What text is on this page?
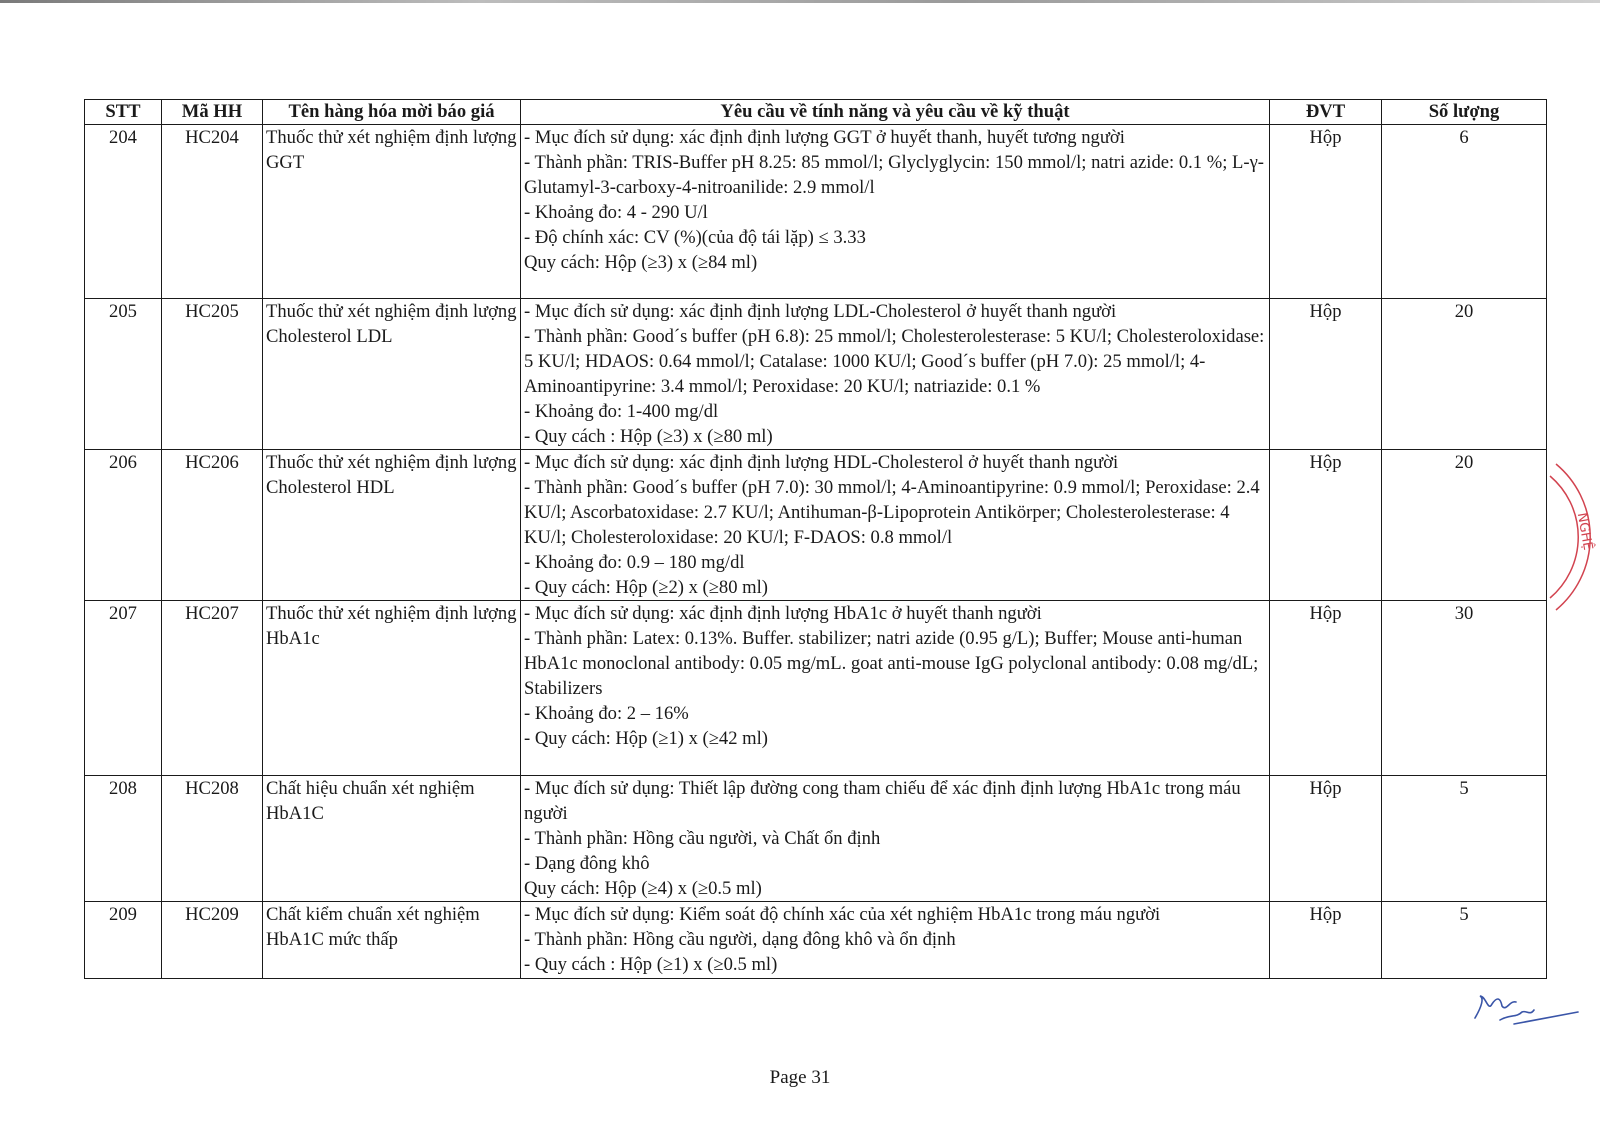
STT	Mã HH	Tên hàng hóa mời báo giá	Yêu cầu về tính năng và yêu cầu về kỹ thuật	ĐVT	Số lượng
204	HC204	Thuốc thử xét nghiệm định lượng GGT	- Mục đích sử dụng: xác định định lượng GGT ở huyết thanh, huyết tương người
- Thành phần: TRIS-Buffer pH 8.25: 85 mmol/l; Glyclyglycin: 150 mmol/l; natri azide: 0.1 %; L-γ-Glutamyl-3-carboxy-4-nitroanilide: 2.9 mmol/l
- Khoảng đo: 4 - 290 U/l
- Độ chính xác: CV (%)(của độ tái lặp) ≤ 3.33
Quy cách: Hộp (≥3) x (≥84 ml)	Hộp	6
205	HC205	Thuốc thử xét nghiệm định lượng Cholesterol LDL	- Mục đích sử dụng: xác định định lượng LDL-Cholesterol ở huyết thanh người
- Thành phần: Good´s buffer (pH 6.8): 25 mmol/l; Cholesterolesterase: 5 KU/l; Cholesteroloxidase: 5 KU/l; HDAOS: 0.64 mmol/l; Catalase: 1000 KU/l; Good´s buffer (pH 7.0): 25 mmol/l; 4-Aminoantipyrine: 3.4 mmol/l; Peroxidase: 20 KU/l; natriazide: 0.1 %
- Khoảng đo: 1-400 mg/dl
- Quy cách : Hộp (≥3) x (≥80 ml)	Hộp	20
206	HC206	Thuốc thử xét nghiệm định lượng Cholesterol HDL	- Mục đích sử dụng: xác định định lượng HDL-Cholesterol ở huyết thanh người
- Thành phần: Good´s buffer (pH 7.0): 30 mmol/l; 4-Aminoantipyrine: 0.9 mmol/l; Peroxidase: 2.4 KU/l; Ascorbatoxidase: 2.7 KU/l; Antihuman-β-Lipoprotein Antikörper; Cholesterolesterase: 4 KU/l; Cholesteroloxidase: 20 KU/l; F-DAOS: 0.8 mmol/l
- Khoảng đo: 0.9 – 180 mg/dl
- Quy cách: Hộp (≥2) x (≥80 ml)	Hộp	20
207	HC207	Thuốc thử xét nghiệm định lượng HbA1c	- Mục đích sử dụng: xác định định lượng HbA1c ở huyết thanh người
- Thành phần: Latex: 0.13%. Buffer. stabilizer; natri azide (0.95 g/L); Buffer; Mouse anti-human HbA1c monoclonal antibody: 0.05 mg/mL. goat anti-mouse IgG polyclonal antibody: 0.08 mg/dL; Stabilizers
- Khoảng đo: 2 – 16%
- Quy cách: Hộp (≥1) x (≥42 ml)	Hộp	30
208	HC208	Chất hiệu chuẩn xét nghiệm HbA1C	- Mục đích sử dụng: Thiết lập đường cong tham chiếu để xác định định lượng HbA1c trong máu người
- Thành phần: Hồng cầu người, và Chất ổn định
- Dạng đông khô
Quy cách: Hộp (≥4) x (≥0.5 ml)	Hộp	5
209	HC209	Chất kiểm chuẩn xét nghiệm HbA1C mức thấp	- Mục đích sử dụng: Kiểm soát độ chính xác của xét nghiệm HbA1c trong máu người
- Thành phần: Hồng cầu người, dạng đông khô và ổn định
- Quy cách : Hộp (≥1) x (≥0.5 ml)	Hộp	5
NGHỆ
Page 31
